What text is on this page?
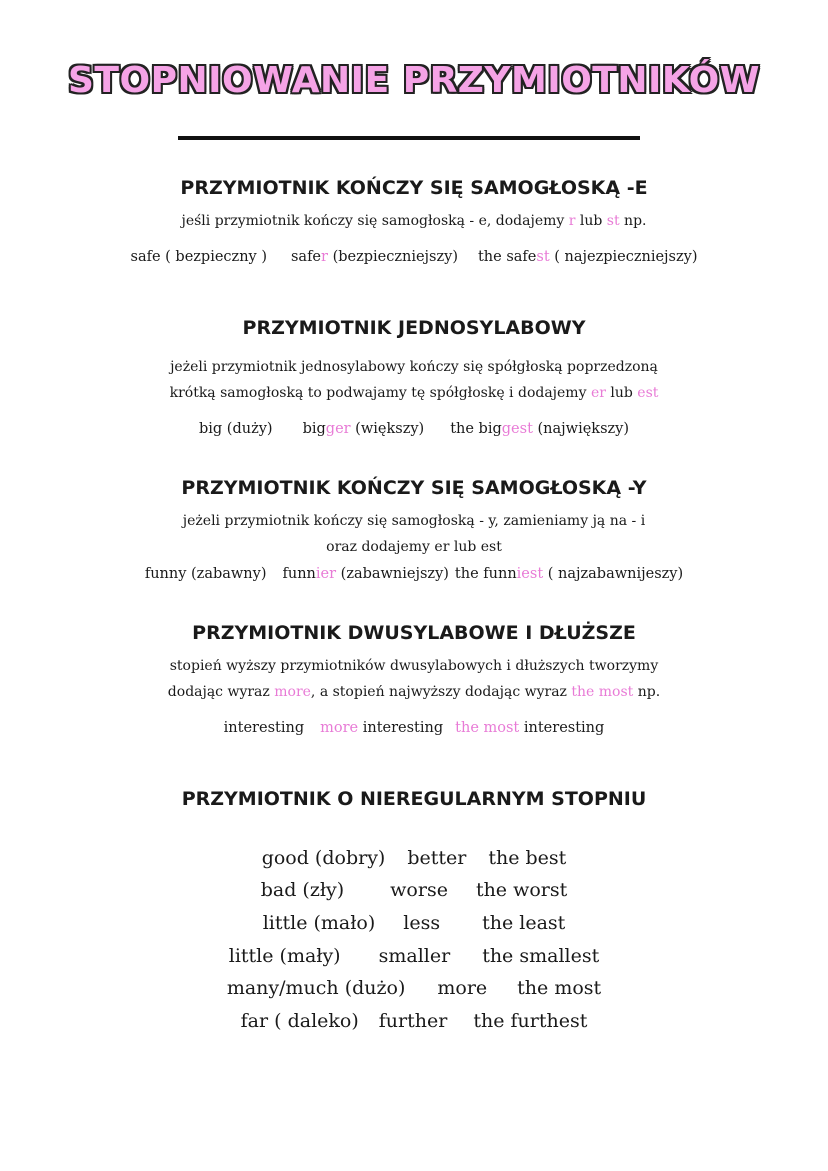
STOPNIOWANIE PRZYMIOTNIKÓW
PRZYMIOTNIK KOŃCZY SIĘ SAMOGŁOSKĄ -E

jeśli przymiotnik kończy się samogłoską - e, dodajemy r lub st np.

safe ( bezpieczny ) safer (bezpieczniejszy) the safest ( najezpieczniejszy)

PRZYMIOTNIK JEDNOSYLABOWY

jeżeli przymiotnik jednosylabowy kończy się spółgłoską poprzedzoną

krótką samogłoską to podwajamy tę spółgłoskę i dodajemy er lub est

big (duży) bigger (większy) the biggest (największy)

PRZYMIOTNIK KOŃCZY SIĘ SAMOGŁOSKĄ -Y

jeżeli przymiotnik kończy się samogłoską - y, zamieniamy ją na - i

oraz dodajemy er lub est

funny (zabawny) funnier (zabawniejszy) the funniest ( najzabawnijeszy)

PRZYMIOTNIK DWUSYLABOWE I DŁUŻSZE

stopień wyższy przymiotników dwusylabowych i dłuższych tworzymy

dodając wyraz more, a stopień najwyższy dodając wyraz the most np.

interesting more interesting the most interesting

PRZYMIOTNIK O NIEREGULARNYM STOPNIU
good (dobry) better the best
bad (zły) worse the worst
little (mało) less the least
little (mały) smaller the smallest
many/much (dużo) more the most
far ( daleko) further the furthest
